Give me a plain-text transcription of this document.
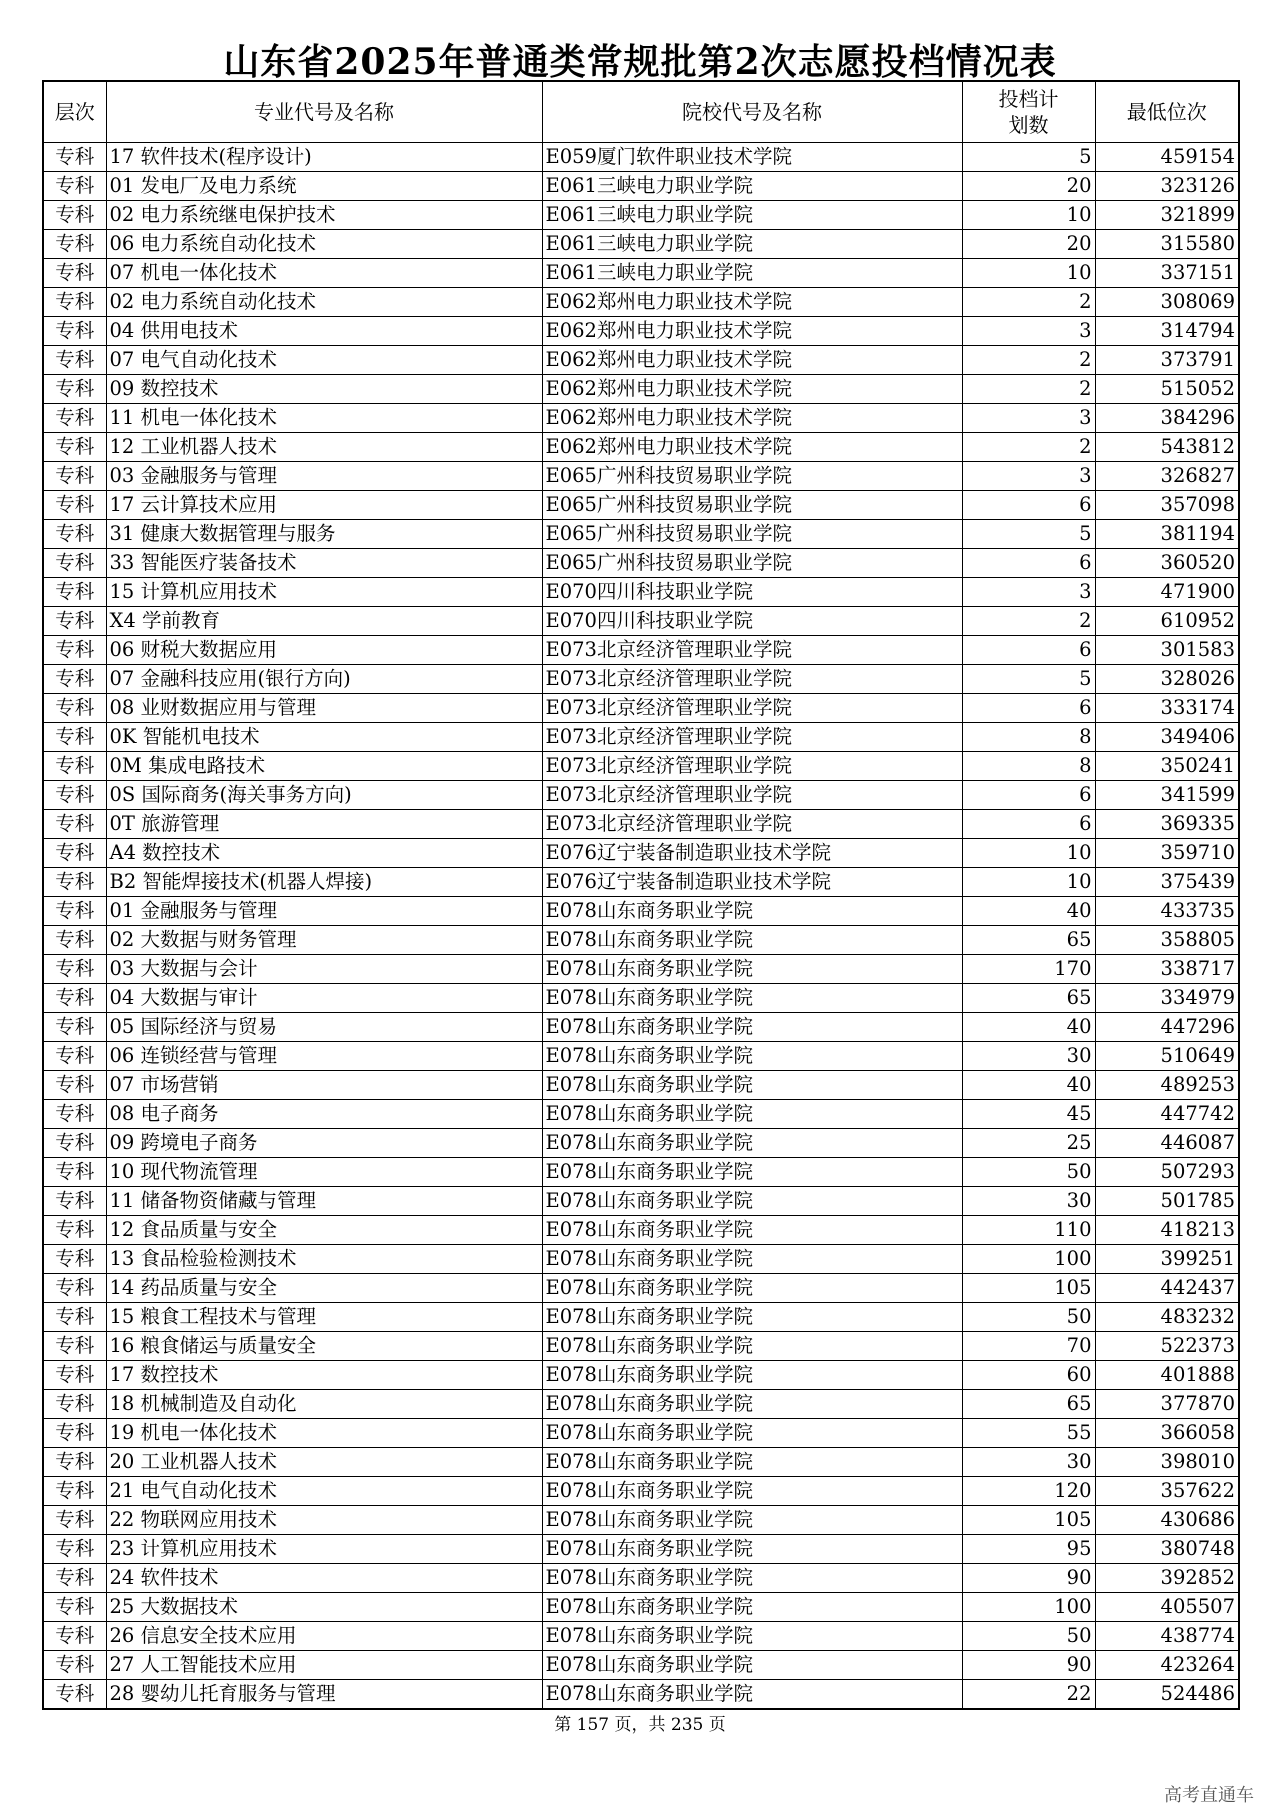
山东省2025年普通类常规批第2次志愿投档情况表
层次	专业代号及名称	院校代号及名称	投档计划数	最低位次
专科	17 软件技术(程序设计)	E059厦门软件职业技术学院	5	459154
专科	01 发电厂及电力系统	E061三峡电力职业学院	20	323126
专科	02 电力系统继电保护技术	E061三峡电力职业学院	10	321899
专科	06 电力系统自动化技术	E061三峡电力职业学院	20	315580
专科	07 机电一体化技术	E061三峡电力职业学院	10	337151
专科	02 电力系统自动化技术	E062郑州电力职业技术学院	2	308069
专科	04 供用电技术	E062郑州电力职业技术学院	3	314794
专科	07 电气自动化技术	E062郑州电力职业技术学院	2	373791
专科	09 数控技术	E062郑州电力职业技术学院	2	515052
专科	11 机电一体化技术	E062郑州电力职业技术学院	3	384296
专科	12 工业机器人技术	E062郑州电力职业技术学院	2	543812
专科	03 金融服务与管理	E065广州科技贸易职业学院	3	326827
专科	17 云计算技术应用	E065广州科技贸易职业学院	6	357098
专科	31 健康大数据管理与服务	E065广州科技贸易职业学院	5	381194
专科	33 智能医疗装备技术	E065广州科技贸易职业学院	6	360520
专科	15 计算机应用技术	E070四川科技职业学院	3	471900
专科	X4 学前教育	E070四川科技职业学院	2	610952
专科	06 财税大数据应用	E073北京经济管理职业学院	6	301583
专科	07 金融科技应用(银行方向)	E073北京经济管理职业学院	5	328026
专科	08 业财数据应用与管理	E073北京经济管理职业学院	6	333174
专科	0K 智能机电技术	E073北京经济管理职业学院	8	349406
专科	0M 集成电路技术	E073北京经济管理职业学院	8	350241
专科	0S 国际商务(海关事务方向)	E073北京经济管理职业学院	6	341599
专科	0T 旅游管理	E073北京经济管理职业学院	6	369335
专科	A4 数控技术	E076辽宁装备制造职业技术学院	10	359710
专科	B2 智能焊接技术(机器人焊接)	E076辽宁装备制造职业技术学院	10	375439
专科	01 金融服务与管理	E078山东商务职业学院	40	433735
专科	02 大数据与财务管理	E078山东商务职业学院	65	358805
专科	03 大数据与会计	E078山东商务职业学院	170	338717
专科	04 大数据与审计	E078山东商务职业学院	65	334979
专科	05 国际经济与贸易	E078山东商务职业学院	40	447296
专科	06 连锁经营与管理	E078山东商务职业学院	30	510649
专科	07 市场营销	E078山东商务职业学院	40	489253
专科	08 电子商务	E078山东商务职业学院	45	447742
专科	09 跨境电子商务	E078山东商务职业学院	25	446087
专科	10 现代物流管理	E078山东商务职业学院	50	507293
专科	11 储备物资储藏与管理	E078山东商务职业学院	30	501785
专科	12 食品质量与安全	E078山东商务职业学院	110	418213
专科	13 食品检验检测技术	E078山东商务职业学院	100	399251
专科	14 药品质量与安全	E078山东商务职业学院	105	442437
专科	15 粮食工程技术与管理	E078山东商务职业学院	50	483232
专科	16 粮食储运与质量安全	E078山东商务职业学院	70	522373
专科	17 数控技术	E078山东商务职业学院	60	401888
专科	18 机械制造及自动化	E078山东商务职业学院	65	377870
专科	19 机电一体化技术	E078山东商务职业学院	55	366058
专科	20 工业机器人技术	E078山东商务职业学院	30	398010
专科	21 电气自动化技术	E078山东商务职业学院	120	357622
专科	22 物联网应用技术	E078山东商务职业学院	105	430686
专科	23 计算机应用技术	E078山东商务职业学院	95	380748
专科	24 软件技术	E078山东商务职业学院	90	392852
专科	25 大数据技术	E078山东商务职业学院	100	405507
专科	26 信息安全技术应用	E078山东商务职业学院	50	438774
专科	27 人工智能技术应用	E078山东商务职业学院	90	423264
专科	28 婴幼儿托育服务与管理	E078山东商务职业学院	22	524486
第 157 页，共 235 页
高考直通车
